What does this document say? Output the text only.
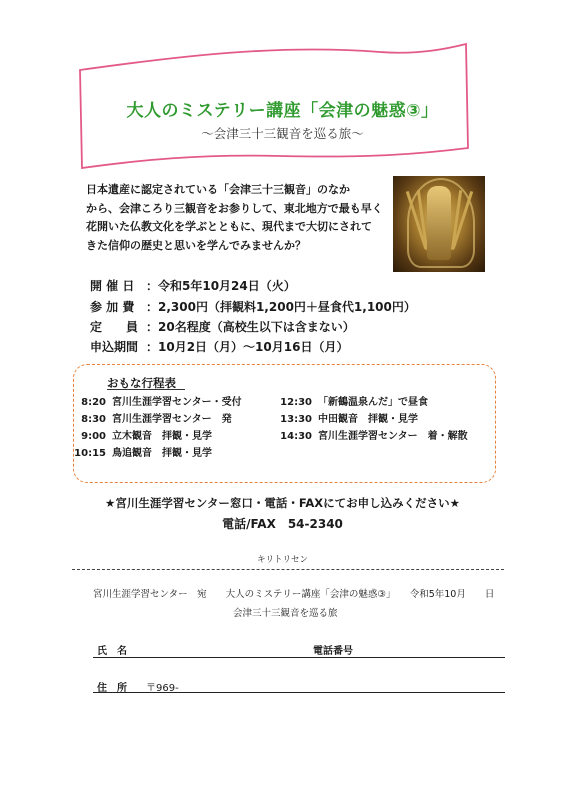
大人のミステリー講座「会津の魅惑③」
～会津三十三観音を巡る旅～
日本遺産に認定されている「会津三十三観音」のなか
から、会津ころり三観音をお参りして、東北地方で最も早く
花開いた仏教文化を学ぶとともに、現代まで大切にされて
きた信仰の歴史と思いを学んでみませんか？
開 催 日 ： 令和5年10月24日（火）
参 加 費 ： 2,300円（拝観料1,200円＋昼食代1,100円）
定　　員 ： 20名程度（高校生以下は含まない）
申込期間 ： 10月2日（月）～10月16日（月）
おもな行程表
8:20 宮川生涯学習センター・受付
8:30 宮川生涯学習センター　発
9:00 立木観音　拝観・見学
10:15 鳥追観音　拝観・見学
12:30 「新鶴温泉んだ」で昼食
13:30 中田観音　拝観・見学
14:30 宮川生涯学習センター　着・解散
★宮川生涯学習センター窓口・電話・FAXにてお申し込みください★
電話/FAX　54-2340
キリトリセン
宮川生涯学習センター　宛　　大人のミステリー講座「会津の魅惑③」　　令和5年10月　　日
会津三十三観音を巡る旅
氏　名	電話番号
住　所 〒969-
